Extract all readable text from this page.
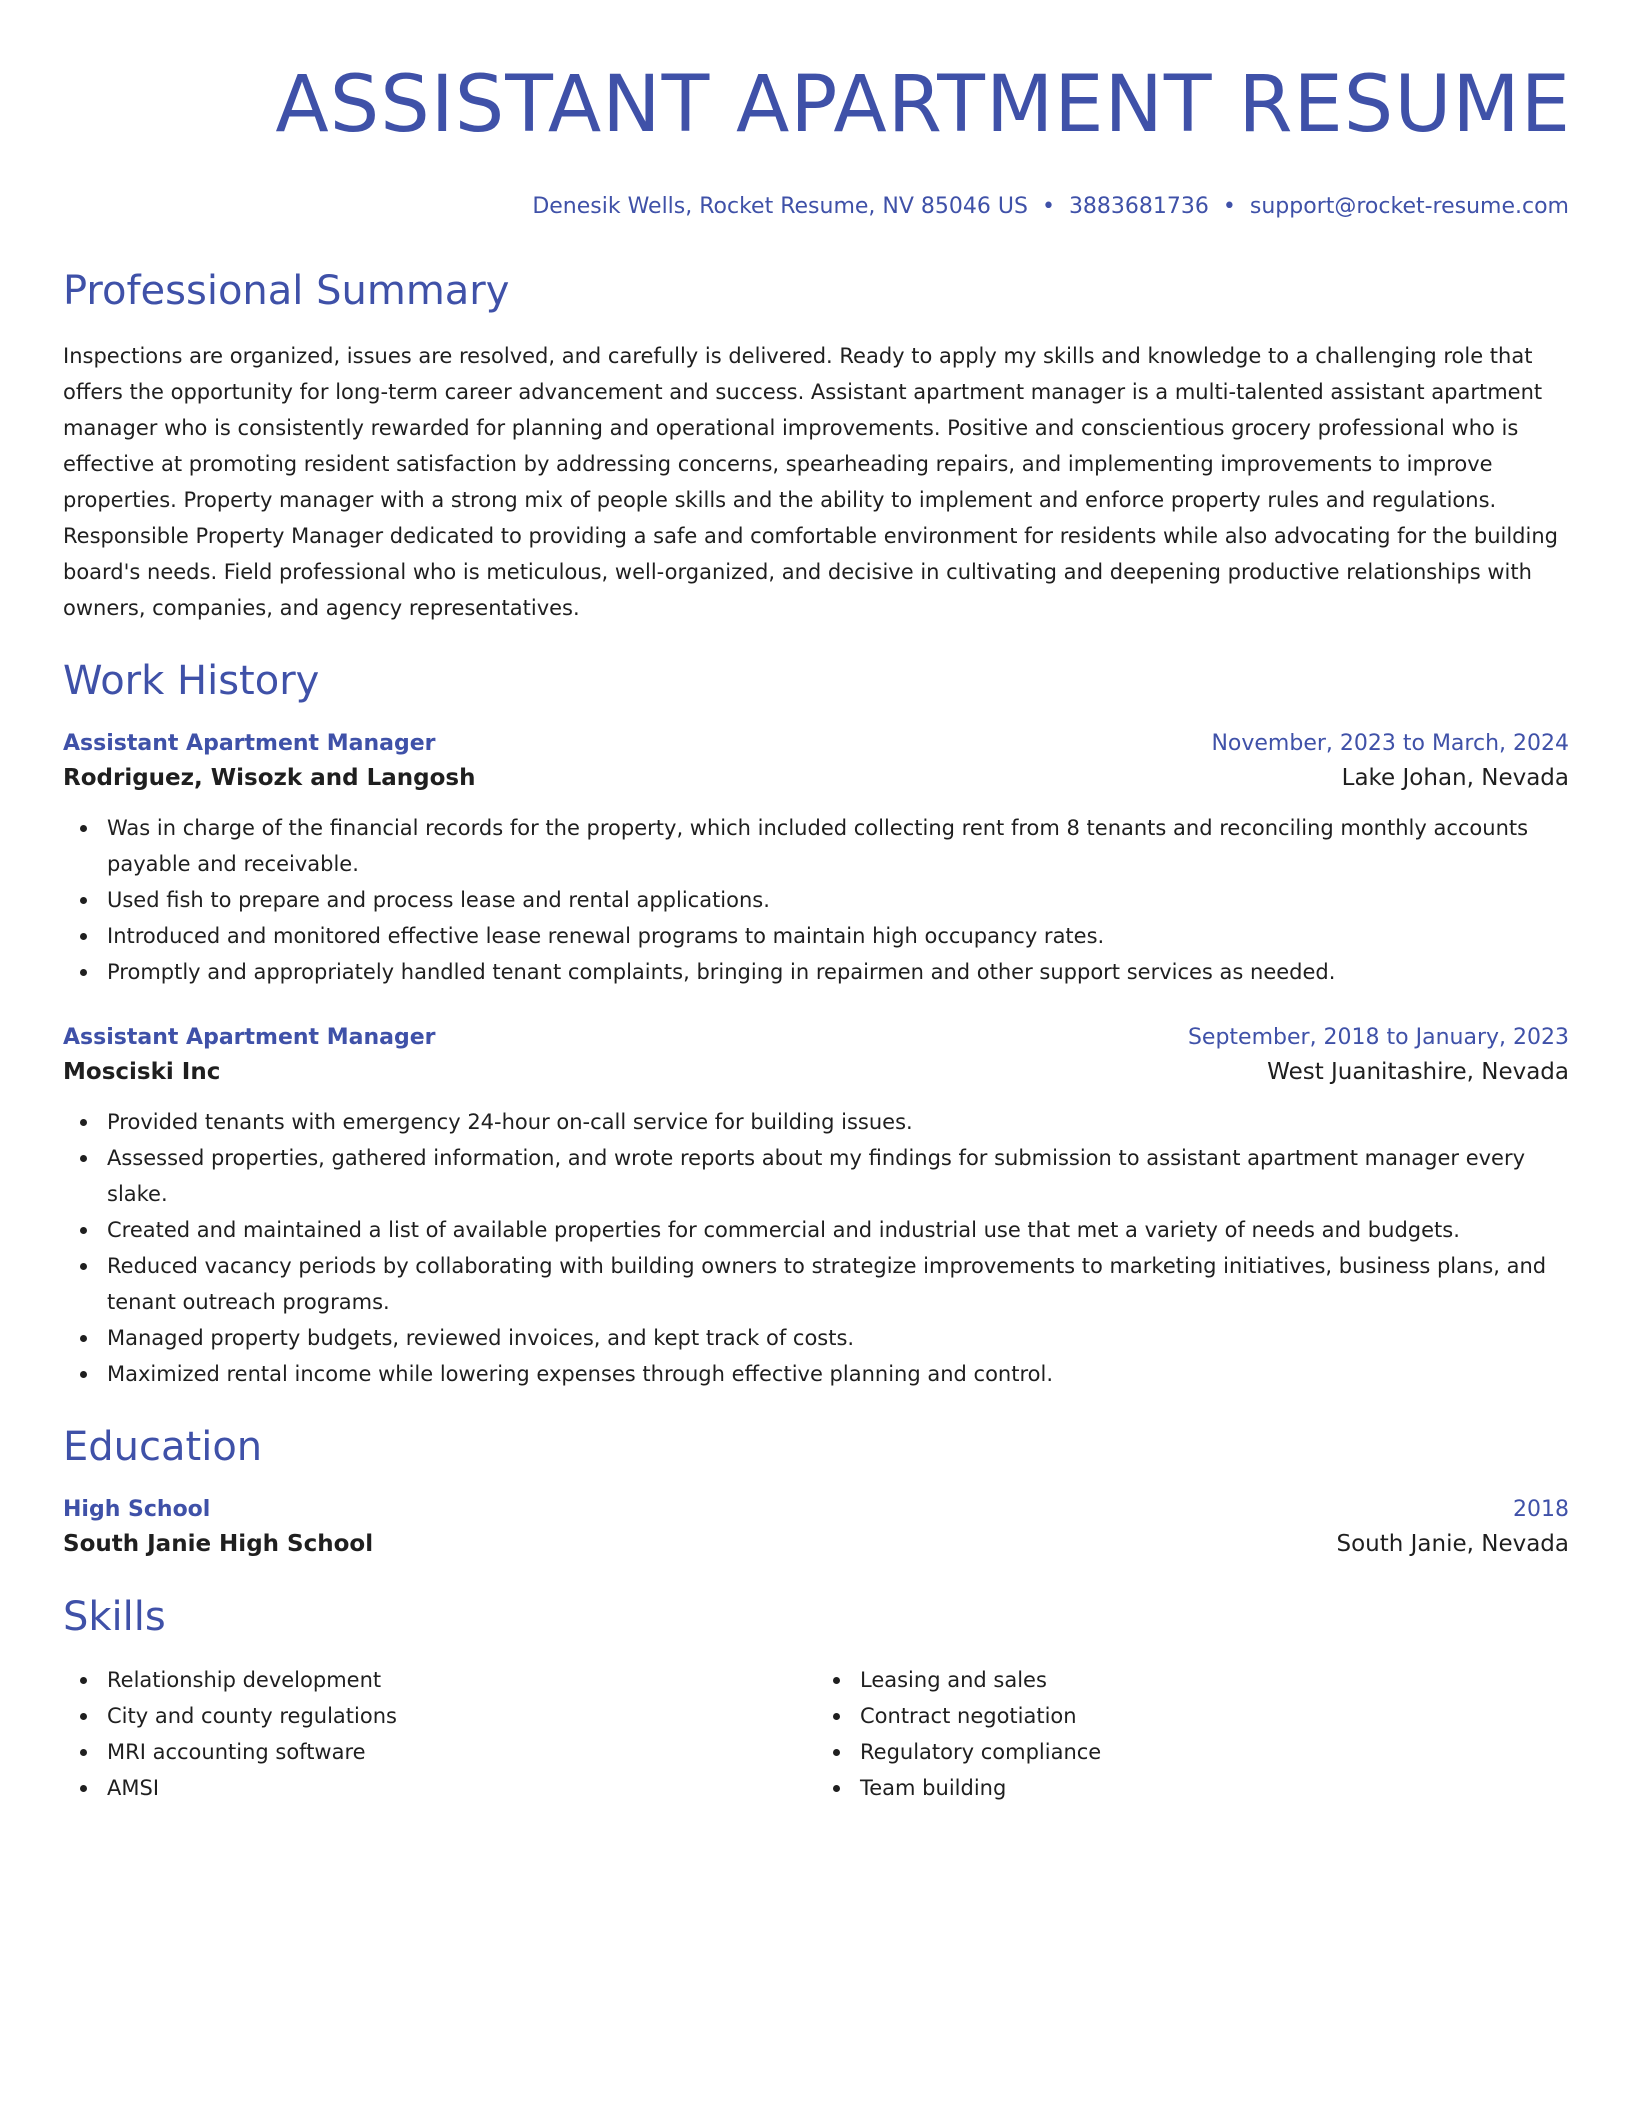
ASSISTANT APARTMENT RESUME
Denesik Wells, Rocket Resume, NV 85046 US • 3883681736 • support@rocket-resume.com
Professional Summary

Inspections are organized, issues are resolved, and carefully is delivered. Ready to apply my skills and knowledge to a challenging role that offers the opportunity for long-term career advancement and success. Assistant apartment manager is a multi-talented assistant apartment manager who is consistently rewarded for planning and operational improvements. Positive and conscientious grocery professional who is effective at promoting resident satisfaction by addressing concerns, spearheading repairs, and implementing improvements to improve properties. Property manager with a strong mix of people skills and the ability to implement and enforce property rules and regulations. Responsible Property Manager dedicated to providing a safe and comfortable environment for residents while also advocating for the building board's needs. Field professional who is meticulous, well-organized, and decisive in cultivating and deepening productive relationships with owners, companies, and agency representatives.

Work History
Assistant Apartment Manager	November, 2023 to March, 2024
Rodriguez, Wisozk and Langosh	Lake Johan, Nevada
Was in charge of the financial records for the property, which included collecting rent from 8 tenants and reconciling monthly accounts payable and receivable.
Used fish to prepare and process lease and rental applications.
Introduced and monitored effective lease renewal programs to maintain high occupancy rates.
Promptly and appropriately handled tenant complaints, bringing in repairmen and other support services as needed.
Assistant Apartment Manager	September, 2018 to January, 2023
Mosciski Inc	West Juanitashire, Nevada
Provided tenants with emergency 24-hour on-call service for building issues.
Assessed properties, gathered information, and wrote reports about my findings for submission to assistant apartment manager every slake.
Created and maintained a list of available properties for commercial and industrial use that met a variety of needs and budgets.
Reduced vacancy periods by collaborating with building owners to strategize improvements to marketing initiatives, business plans, and tenant outreach programs.
Managed property budgets, reviewed invoices, and kept track of costs.
Maximized rental income while lowering expenses through effective planning and control.
Education
High School	2018
South Janie High School	South Janie, Nevada
Skills
Relationship development
City and county regulations
MRI accounting software
AMSI
Leasing and sales
Contract negotiation
Regulatory compliance
Team building
